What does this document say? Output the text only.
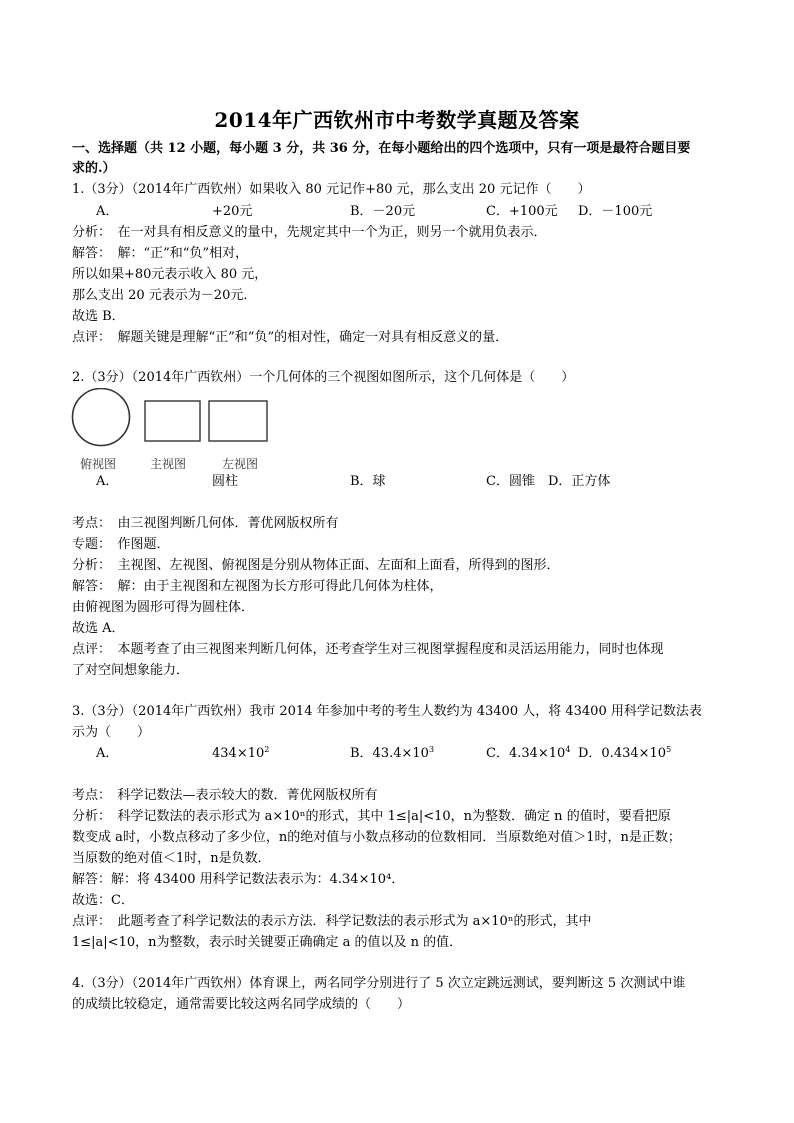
2014年广西钦州市中考数学真题及答案
一、选择题（共 12 小题，每小题 3 分，共 36 分，在每小题给出的四个选项中，只有一项是最符合题目要
求的.）
1.（3分）（2014年广西钦州）如果收入 80 元记作+80 元，那么支出 20 元记作（　　）
A．	+20元	B．－20元	C．+100元 D．－100元
分析：　在一对具有相反意义的量中，先规定其中一个为正，则另一个就用负表示．
解答：　解：“正”和“负”相对，
所以如果+80元表示收入 80 元，
那么支出 20 元表示为－20元．
故选 B．
点评：　解题关键是理解“正”和“负”的相对性，确定一对具有相反意义的量．
2.（3分）（2014年广西钦州）一个几何体的三个视图如图所示，这个几何体是（　　）
俯视图	主视图	左视图
A．	圆柱	B．球	C．圆锥 D．正方体
考点：　由三视图判断几何体．菁优网版权所有
专题：　作图题．
分析：　主视图、左视图、俯视图是分别从物体正面、左面和上面看，所得到的图形．
解答：　解：由于主视图和左视图为长方形可得此几何体为柱体，
由俯视图为圆形可得为圆柱体．
故选 A．
点评：　本题考查了由三视图来判断几何体，还考查学生对三视图掌握程度和灵活运用能力，同时也体现
了对空间想象能力．
3.（3分）（2014年广西钦州）我市 2014 年参加中考的考生人数约为 43400 人，将 43400 用科学记数法表
示为（　　）
A．	$434\times 10^2$	B．$43.4\times 10^3$	C．$4.34\times 10^4$ D．$0.434\times 10^5$
考点：　科学记数法—表示较大的数．菁优网版权所有
分析：　科学记数法的表示形式为 a×10ⁿ的形式，其中 1≤|a|<10，n为整数．确定 n 的值时，要看把原
数变成 a时，小数点移动了多少位，n的绝对值与小数点移动的位数相同．当原数绝对值＞1时，n是正数；
当原数的绝对值＜1时，n是负数．
解答：解：将 43400 用科学记数法表示为：4.34×10⁴．
故选：C．
点评：　此题考查了科学记数法的表示方法．科学记数法的表示形式为 a×10ⁿ的形式，其中
1≤|a|<10，n为整数，表示时关键要正确确定 a 的值以及 n 的值．
4.（3分）（2014年广西钦州）体育课上，两名同学分别进行了 5 次立定跳远测试，要判断这 5 次测试中谁
的成绩比较稳定，通常需要比较这两名同学成绩的（　　）
